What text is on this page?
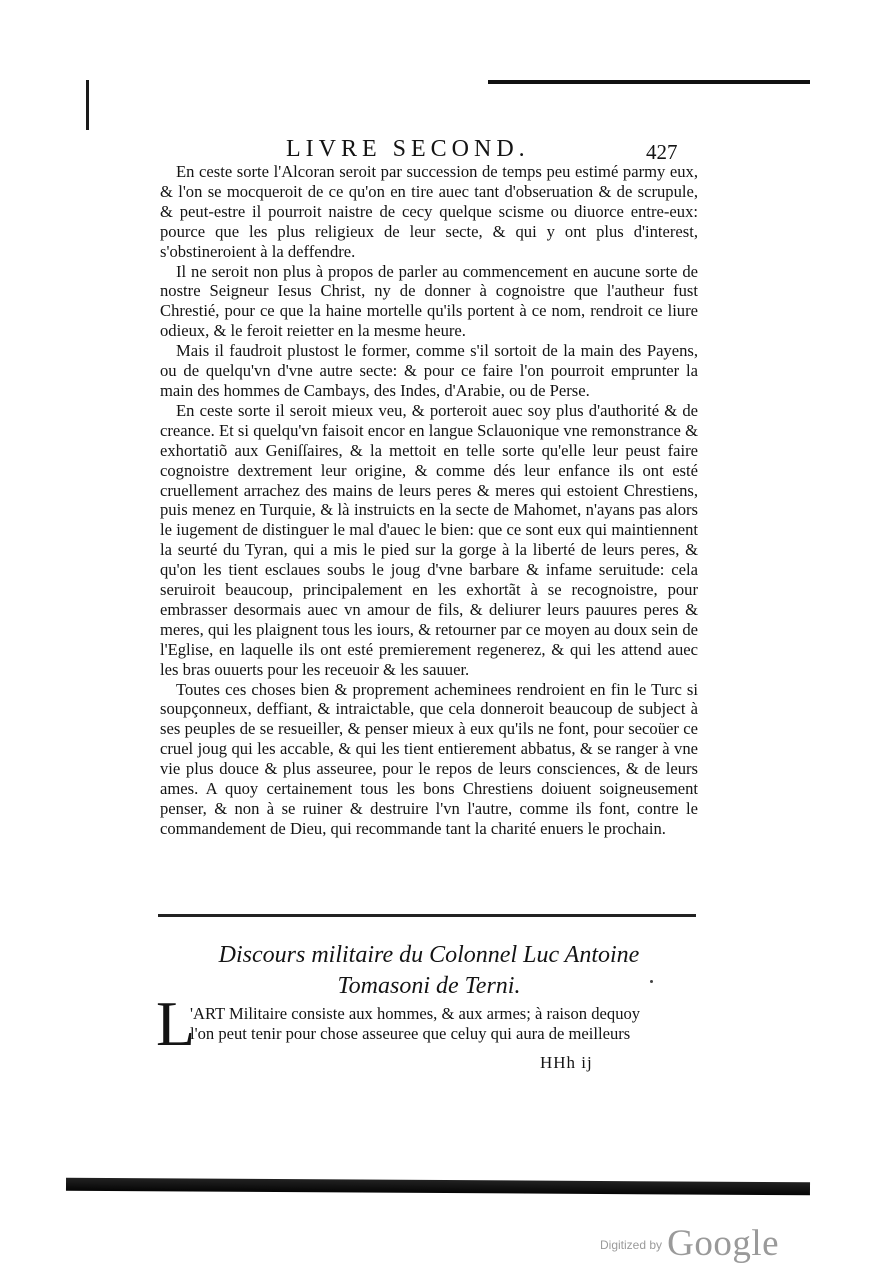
LIVRE SECOND.	427

En ceste sorte l'Alcoran seroit par succession de temps peu estimé parmy eux, & l'on se mocqueroit de ce qu'on en tire auec tant d'obseruation & de scrupule, & peut-estre il pourroit naistre de cecy quelque scisme ou diuorce entre-eux: pource que les plus religieux de leur secte, & qui y ont plus d'interest, s'obstineroient à la deffendre.

Il ne seroit non plus à propos de parler au commencement en aucune sorte de nostre Seigneur Iesus Christ, ny de donner à cognoistre que l'autheur fust Chrestié, pour ce que la haine mortelle qu'ils portent à ce nom, rendroit ce liure odieux, & le feroit reietter en la mesme heure.

Mais il faudroit plustost le former, comme s'il sortoit de la main des Payens, ou de quelqu'vn d'vne autre secte: & pour ce faire l'on pourroit emprunter la main des hommes de Cambays, des Indes, d'Arabie, ou de Perse.

En ceste sorte il seroit mieux veu, & porteroit auec soy plus d'authorité & de creance. Et si quelqu'vn faisoit encor en langue Sclauonique vne remonstrance & exhortatiõ aux Geniſſaires, & la mettoit en telle sorte qu'elle leur peust faire cognoistre dextrement leur origine, & comme dés leur enfance ils ont esté cruellement arrachez des mains de leurs peres & meres qui estoient Chrestiens, puis menez en Turquie, & là instruicts en la secte de Mahomet, n'ayans pas alors le iugement de distinguer le mal d'auec le bien: que ce sont eux qui maintiennent la seurté du Tyran, qui a mis le pied sur la gorge à la liberté de leurs peres, & qu'on les tient esclaues soubs le joug d'vne barbare & infame seruitude: cela seruiroit beaucoup, principalement en les exhortãt à se recognoistre, pour embrasser desormais auec vn amour de fils, & deliurer leurs pauures peres & meres, qui les plaignent tous les iours, & retourner par ce moyen au doux sein de l'Eglise, en laquelle ils ont esté premierement regenerez, & qui les attend auec les bras ouuerts pour les receuoir & les sauuer.

Toutes ces choses bien & proprement acheminees rendroient en fin le Turc si soupçonneux, deffiant, & intraictable, que cela donneroit beaucoup de subject à ses peuples de se resueiller, & penser mieux à eux qu'ils ne font, pour secoüer ce cruel joug qui les accable, & qui les tient entierement abbatus, & se ranger à vne vie plus douce & plus asseuree, pour le repos de leurs consciences, & de leurs ames. A quoy certainement tous les bons Chrestiens doiuent soigneusement penser, & non à se ruiner & destruire l'vn l'autre, comme ils font, contre le commandement de Dieu, qui recommande tant la charité enuers le prochain.

Discours militaire du Colonnel Luc Antoine
Tomasoni de Terni.
L
'ART Militaire consiste aux hommes, & aux armes; à raison dequoy
l'on peut tenir pour chose asseuree que celuy qui aura de meilleurs
HHh ij
$^{Digitized by}$ Google
